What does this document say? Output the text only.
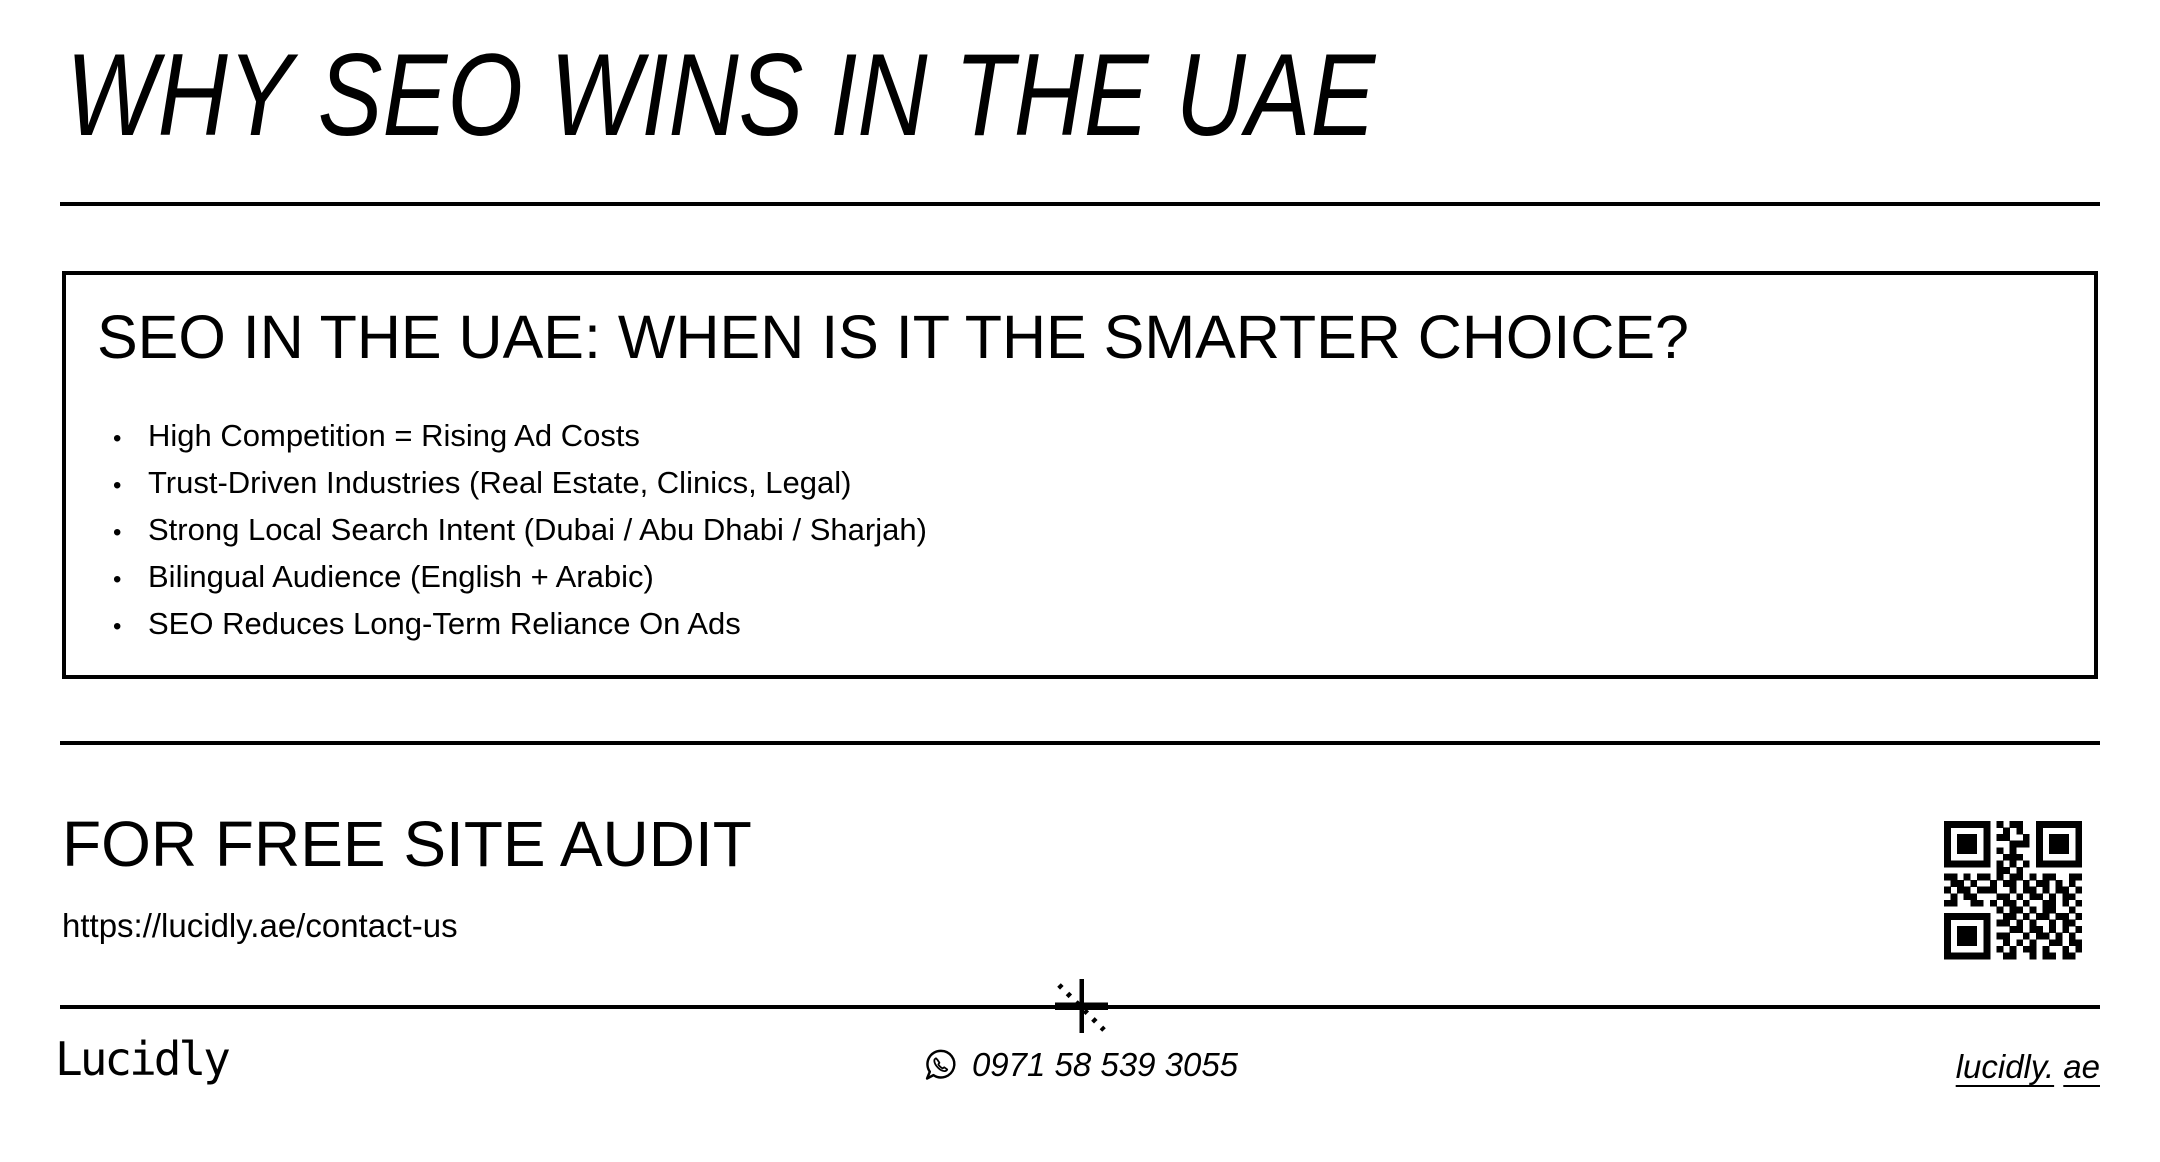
WHY SEO WINS IN THE UAE
SEO IN THE UAE: WHEN IS IT THE SMARTER CHOICE?
• High Competition = Rising Ad Costs
• Trust-Driven Industries (Real Estate, Clinics, Legal)
• Strong Local Search Intent (Dubai / Abu Dhabi / Sharjah)
• Bilingual Audience (English + Arabic)
• SEO Reduces Long-Term Reliance On Ads
FOR FREE SITE AUDIT
https://lucidly.ae/contact-us
Lucidly	0971 58 539 3055	lucidly. ae
